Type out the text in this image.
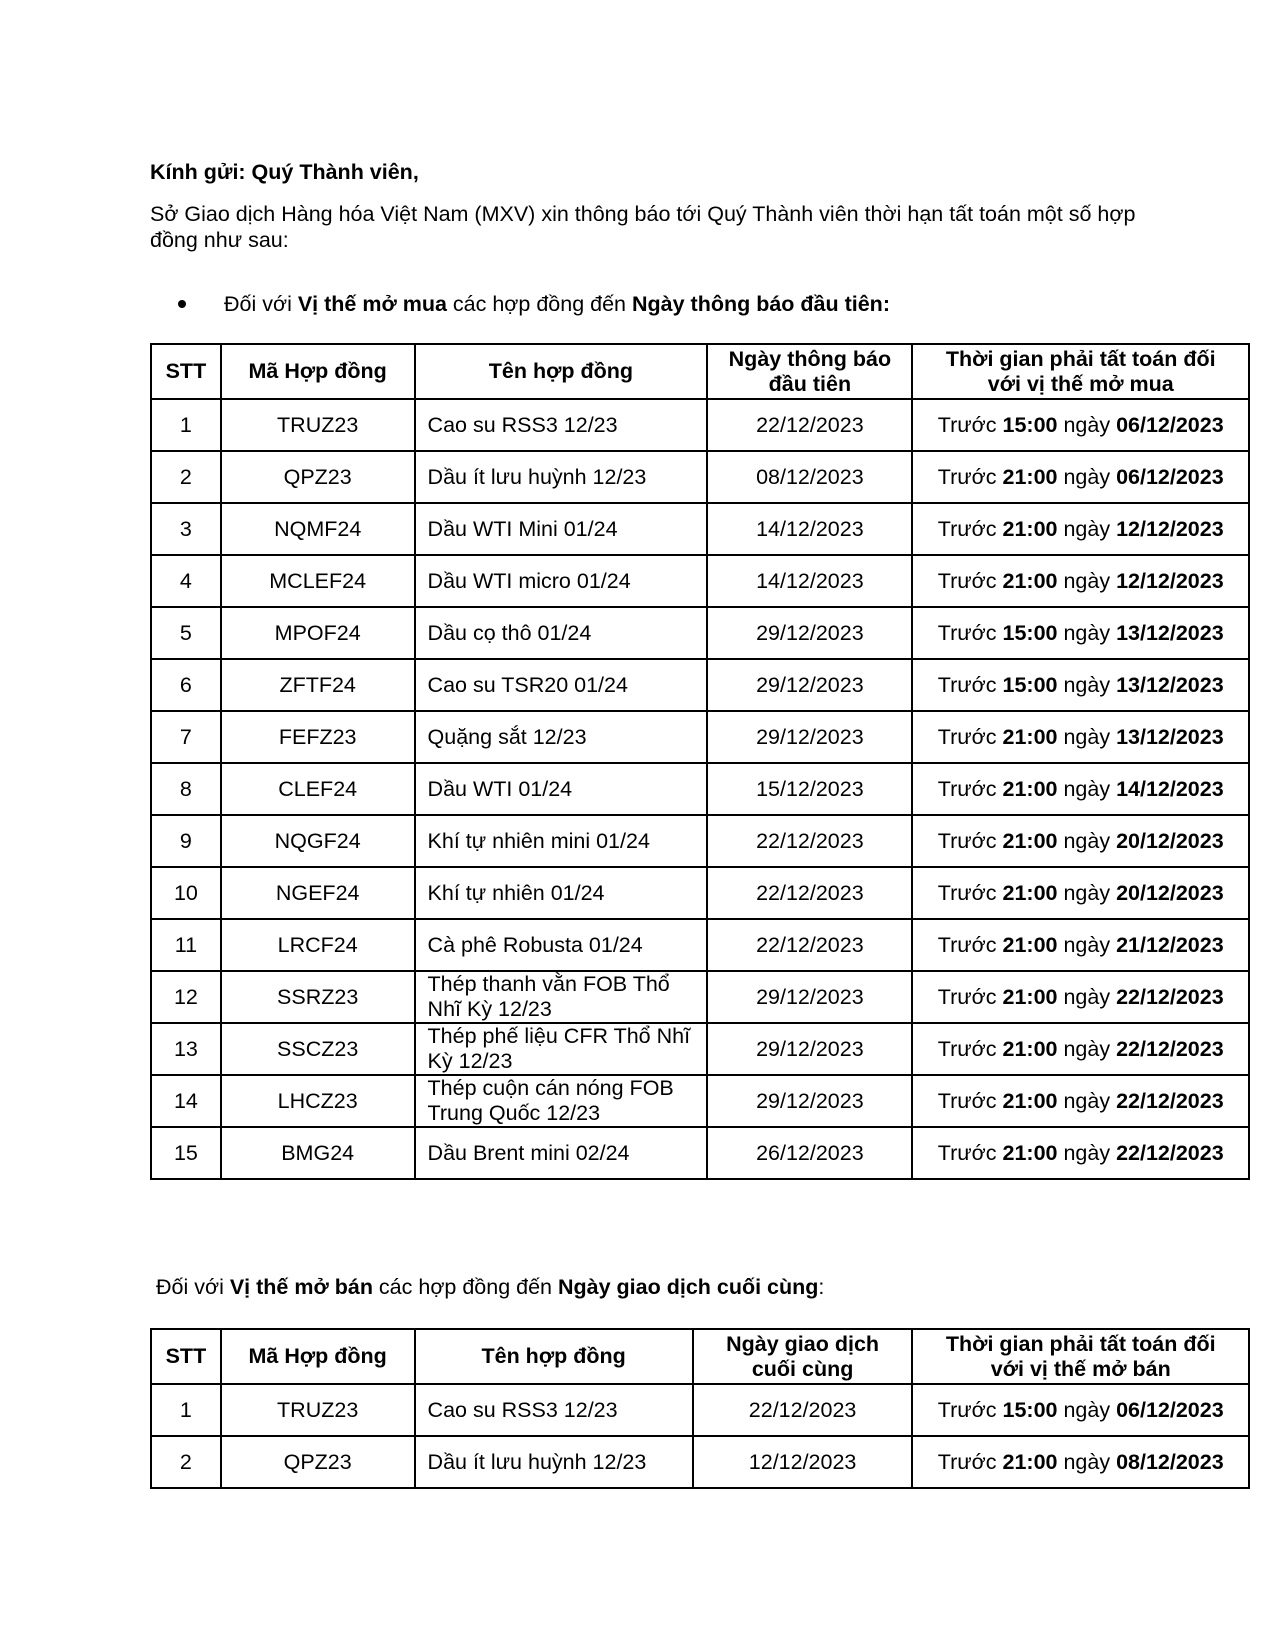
Kính gửi: Quý Thành viên,
Sở Giao dịch Hàng hóa Việt Nam (MXV) xin thông báo tới Quý Thành viên thời hạn tất toán một số hợp đồng như sau:
Đối với Vị thế mở mua các hợp đồng đến Ngày thông báo đầu tiên:
STT	Mã Hợp đồng	Tên hợp đồng	Ngày thông báo đầu tiên	Thời gian phải tất toán đối với vị thế mở mua
1	TRUZ23	Cao su RSS3 12/23	22/12/2023	Trước 15:00 ngày 06/12/2023
2	QPZ23	Dầu ít lưu huỳnh 12/23	08/12/2023	Trước 21:00 ngày 06/12/2023
3	NQMF24	Dầu WTI Mini 01/24	14/12/2023	Trước 21:00 ngày 12/12/2023
4	MCLEF24	Dầu WTI micro 01/24	14/12/2023	Trước 21:00 ngày 12/12/2023
5	MPOF24	Dầu cọ thô 01/24	29/12/2023	Trước 15:00 ngày 13/12/2023
6	ZFTF24	Cao su TSR20 01/24	29/12/2023	Trước 15:00 ngày 13/12/2023
7	FEFZ23	Quặng sắt 12/23	29/12/2023	Trước 21:00 ngày 13/12/2023
8	CLEF24	Dầu WTI 01/24	15/12/2023	Trước 21:00 ngày 14/12/2023
9	NQGF24	Khí tự nhiên mini 01/24	22/12/2023	Trước 21:00 ngày 20/12/2023
10	NGEF24	Khí tự nhiên 01/24	22/12/2023	Trước 21:00 ngày 20/12/2023
11	LRCF24	Cà phê Robusta 01/24	22/12/2023	Trước 21:00 ngày 21/12/2023
12	SSRZ23	Thép thanh vằn FOB Thổ Nhĩ Kỳ 12/23	29/12/2023	Trước 21:00 ngày 22/12/2023
13	SSCZ23	Thép phế liệu CFR Thổ Nhĩ Kỳ 12/23	29/12/2023	Trước 21:00 ngày 22/12/2023
14	LHCZ23	Thép cuộn cán nóng FOB Trung Quốc 12/23	29/12/2023	Trước 21:00 ngày 22/12/2023
15	BMG24	Dầu Brent mini 02/24	26/12/2023	Trước 21:00 ngày 22/12/2023
Đối với Vị thế mở bán các hợp đồng đến Ngày giao dịch cuối cùng:
STT	Mã Hợp đồng	Tên hợp đồng	Ngày giao dịch cuối cùng	Thời gian phải tất toán đối với vị thế mở bán
1	TRUZ23	Cao su RSS3 12/23	22/12/2023	Trước 15:00 ngày 06/12/2023
2	QPZ23	Dầu ít lưu huỳnh 12/23	12/12/2023	Trước 21:00 ngày 08/12/2023
